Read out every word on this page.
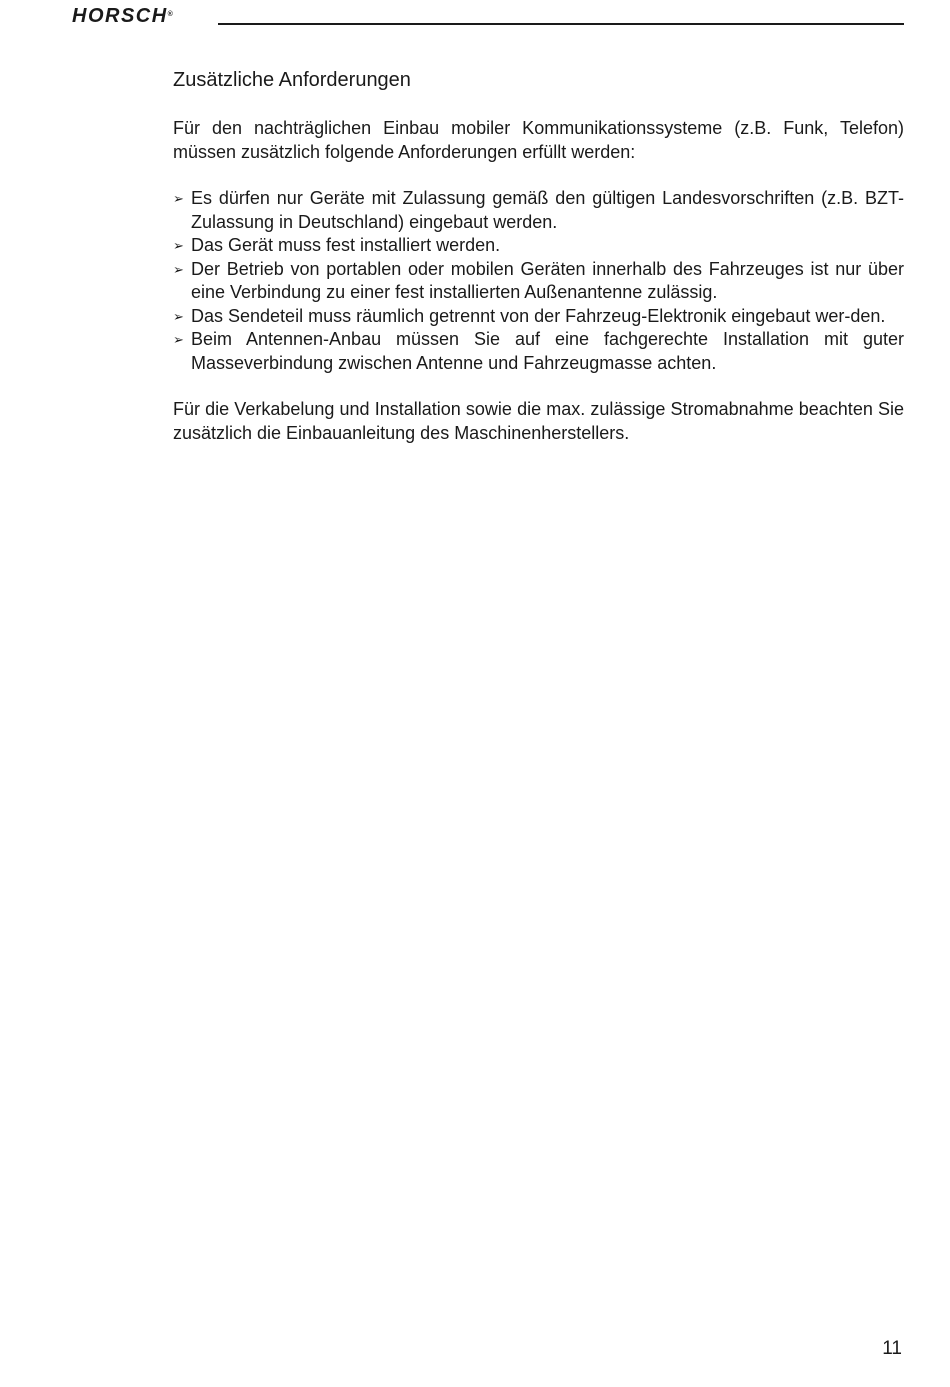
HORSCH®
Zusätzliche Anforderungen

Für den nachträglichen Einbau mobiler Kommunikationssysteme (z.B. Funk, Telefon) müssen zusätzlich folgende Anforderungen erfüllt werden:

➢ Es dürfen nur Geräte mit Zulassung gemäß den gültigen Landesvorschriften (z.B. BZT-Zulassung in Deutschland) eingebaut werden.
➢ Das Gerät muss fest installiert werden.
➢ Der Betrieb von portablen oder mobilen Geräten innerhalb des Fahrzeuges ist nur über eine Verbindung zu einer fest installierten Außenantenne zulässig.
➢ Das Sendeteil muss räumlich getrennt von der Fahrzeug-Elektronik eingebaut wer-den.
➢ Beim Antennen-Anbau müssen Sie auf eine fachgerechte Installation mit guter Masseverbindung zwischen Antenne und Fahrzeugmasse achten.

Für die Verkabelung und Installation sowie die max. zulässige Stromabnahme beachten Sie zusätzlich die Einbauanleitung des Maschinenherstellers.

11
